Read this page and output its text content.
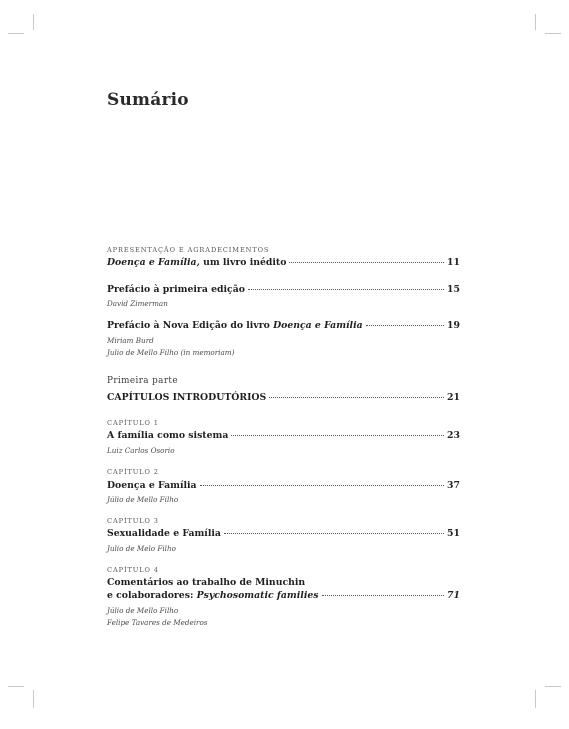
Sumário
APRESENTAÇÃO E AGRADECIMENTOS
Doença e Família, um livro inédito	11
Prefácio à primeira edição	15
David Zimerman
Prefácio à Nova Edição do livro Doença e Família	19
Miriam Burd
Julio de Mello Filho (in memoriam)
Primeira parte
CAPÍTULOS INTRODUTÓRIOS	21
CAPÍTULO 1
A família como sistema	23
Luiz Carlos Osorio
CAPÍTULO 2
Doença e Família	37
Júlio de Mello Filho
CAPÍTULO 3
Sexualidade e Família	51
Julio de Melo Filho
CAPÍTULO 4
Comentários ao trabalho de Minuchin
e colaboradores: Psychosomatic families	71
Júlio de Mello Filho
Felipe Tavares de Medeiros
